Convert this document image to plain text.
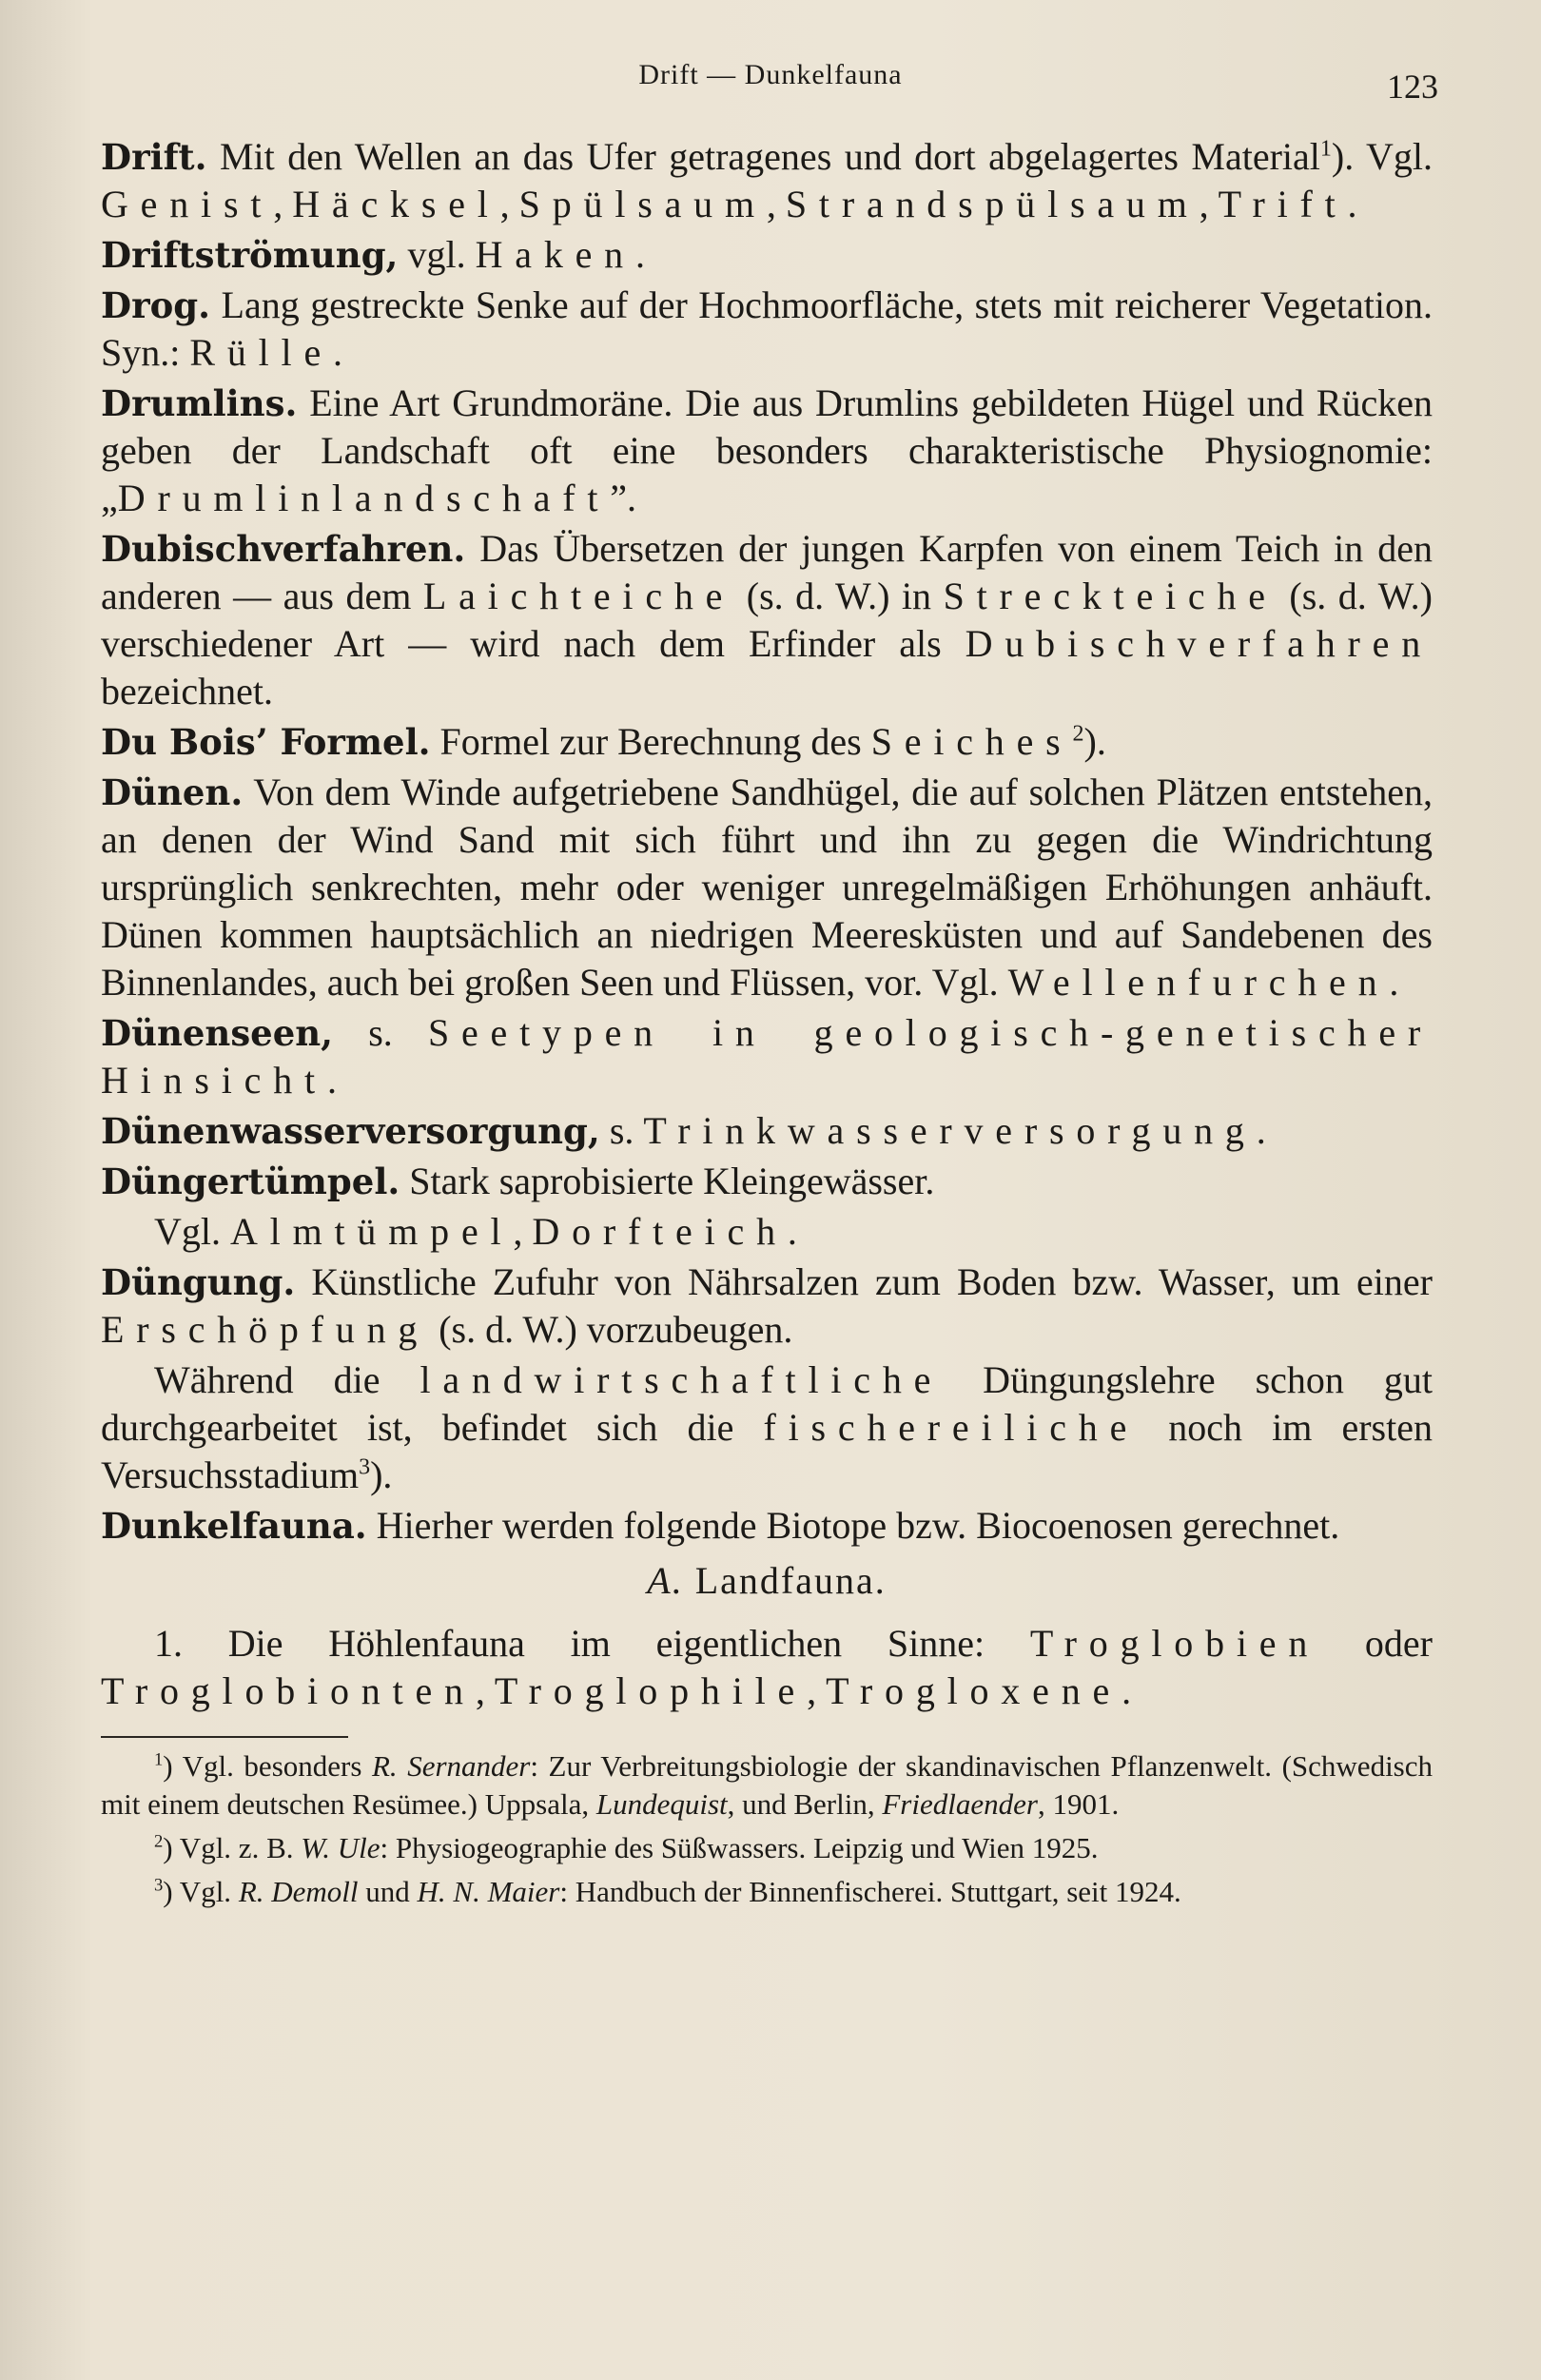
Drift — Dunkelfauna	123

Drift. Mit den Wellen an das Ufer getragenes und dort abgelagertes Material$^1$). Vgl. Genist, Häcksel, Spülsaum, Strandspülsaum, Trift.

Driftströmung, vgl. Haken.

Drog. Lang gestreckte Senke auf der Hochmoorfläche, stets mit reicherer Vegetation. Syn.: Rülle.

Drumlins. Eine Art Grundmoräne. Die aus Drumlins gebildeten Hügel und Rücken geben der Landschaft oft eine besonders charakteristische Physiognomie: „Drumlinlandschaft”.

Dubischverfahren. Das Übersetzen der jungen Karpfen von einem Teich in den anderen — aus dem Laichteiche (s. d. W.) in Streckteiche (s. d. W.) verschiedener Art — wird nach dem Erfinder als Dubischverfahren bezeichnet.

Du Bois’ Formel. Formel zur Berechnung des Seiches$^2$).

Dünen. Von dem Winde aufgetriebene Sandhügel, die auf solchen Plätzen entstehen, an denen der Wind Sand mit sich führt und ihn zu gegen die Windrichtung ursprünglich senkrechten, mehr oder weniger unregelmäßigen Erhöhungen anhäuft. Dünen kommen hauptsächlich an niedrigen Meeresküsten und auf Sandebenen des Binnenlandes, auch bei großen Seen und Flüssen, vor. Vgl. Wellenfurchen.

Dünenseen, s. Seetypen in geologisch-genetischer Hinsicht.

Dünenwasserversorgung, s. Trinkwasserversorgung.

Düngertümpel. Stark saprobisierte Kleingewässer.

Vgl. Almtümpel, Dorfteich.

Düngung. Künstliche Zufuhr von Nährsalzen zum Boden bzw. Wasser, um einer Erschöpfung (s. d. W.) vorzubeugen.

Während die landwirtschaftliche Düngungslehre schon gut durchgearbeitet ist, befindet sich die fischereiliche noch im ersten Versuchsstadium$^3$).

Dunkelfauna. Hierher werden folgende Biotope bzw. Biocoenosen gerechnet.

A. Landfauna.

1. Die Höhlenfauna im eigentlichen Sinne: Troglobien oder Troglobionten, Troglophile, Trogloxene.

$^1$) Vgl. besonders R. Sernander: Zur Verbreitungsbiologie der skandinavischen Pflanzenwelt. (Schwedisch mit einem deutschen Resümee.) Uppsala, Lundequist, und Berlin, Friedlaender, 1901.

$^2$) Vgl. z. B. W. Ule: Physiogeographie des Süßwassers. Leipzig und Wien 1925.

$^3$) Vgl. R. Demoll und H. N. Maier: Handbuch der Binnenfischerei. Stuttgart, seit 1924.
